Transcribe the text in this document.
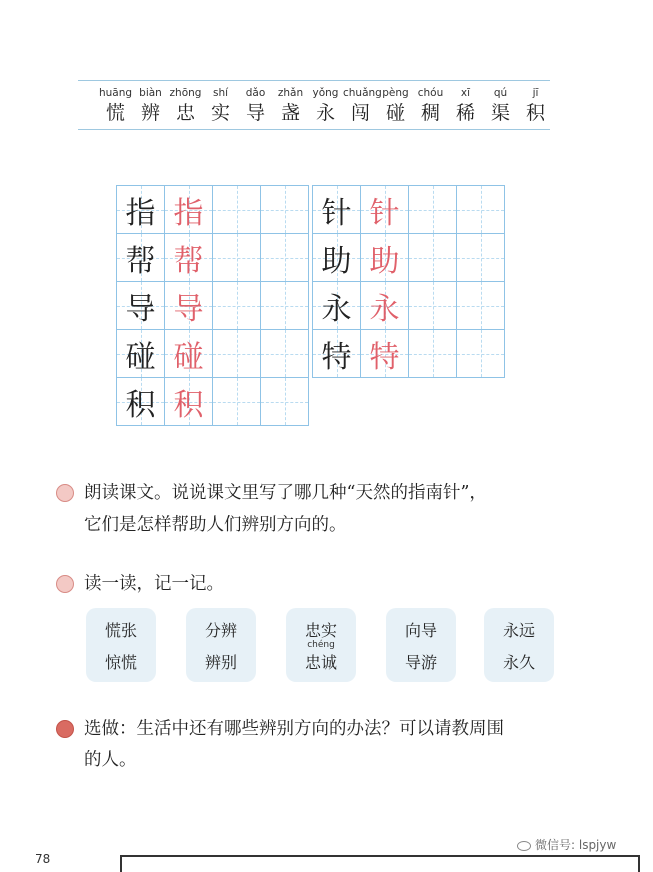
huāng
慌
biàn
辨
zhōng
忠
shí
实
dǎo
导
zhǎn
盏
yǒng
永
chuǎng
闯
pèng
碰
chóu
稠
xī
稀
qú
渠
jī
积
指 指
帮 帮
导 导
碰 碰
积 积
针 针
助 助
永 永
特 特
朗读课文。说说课文里写了哪几种“天然的指南针”，
它们是怎样帮助人们辨别方向的。
读一读，记一记。
慌张
惊慌
分辨
辨别
忠实
chéng
忠诚
向导
导游
永远
永久
选做：生活中还有哪些辨别方向的办法？可以请教周围
的人。
78
微信号: lspjyw
